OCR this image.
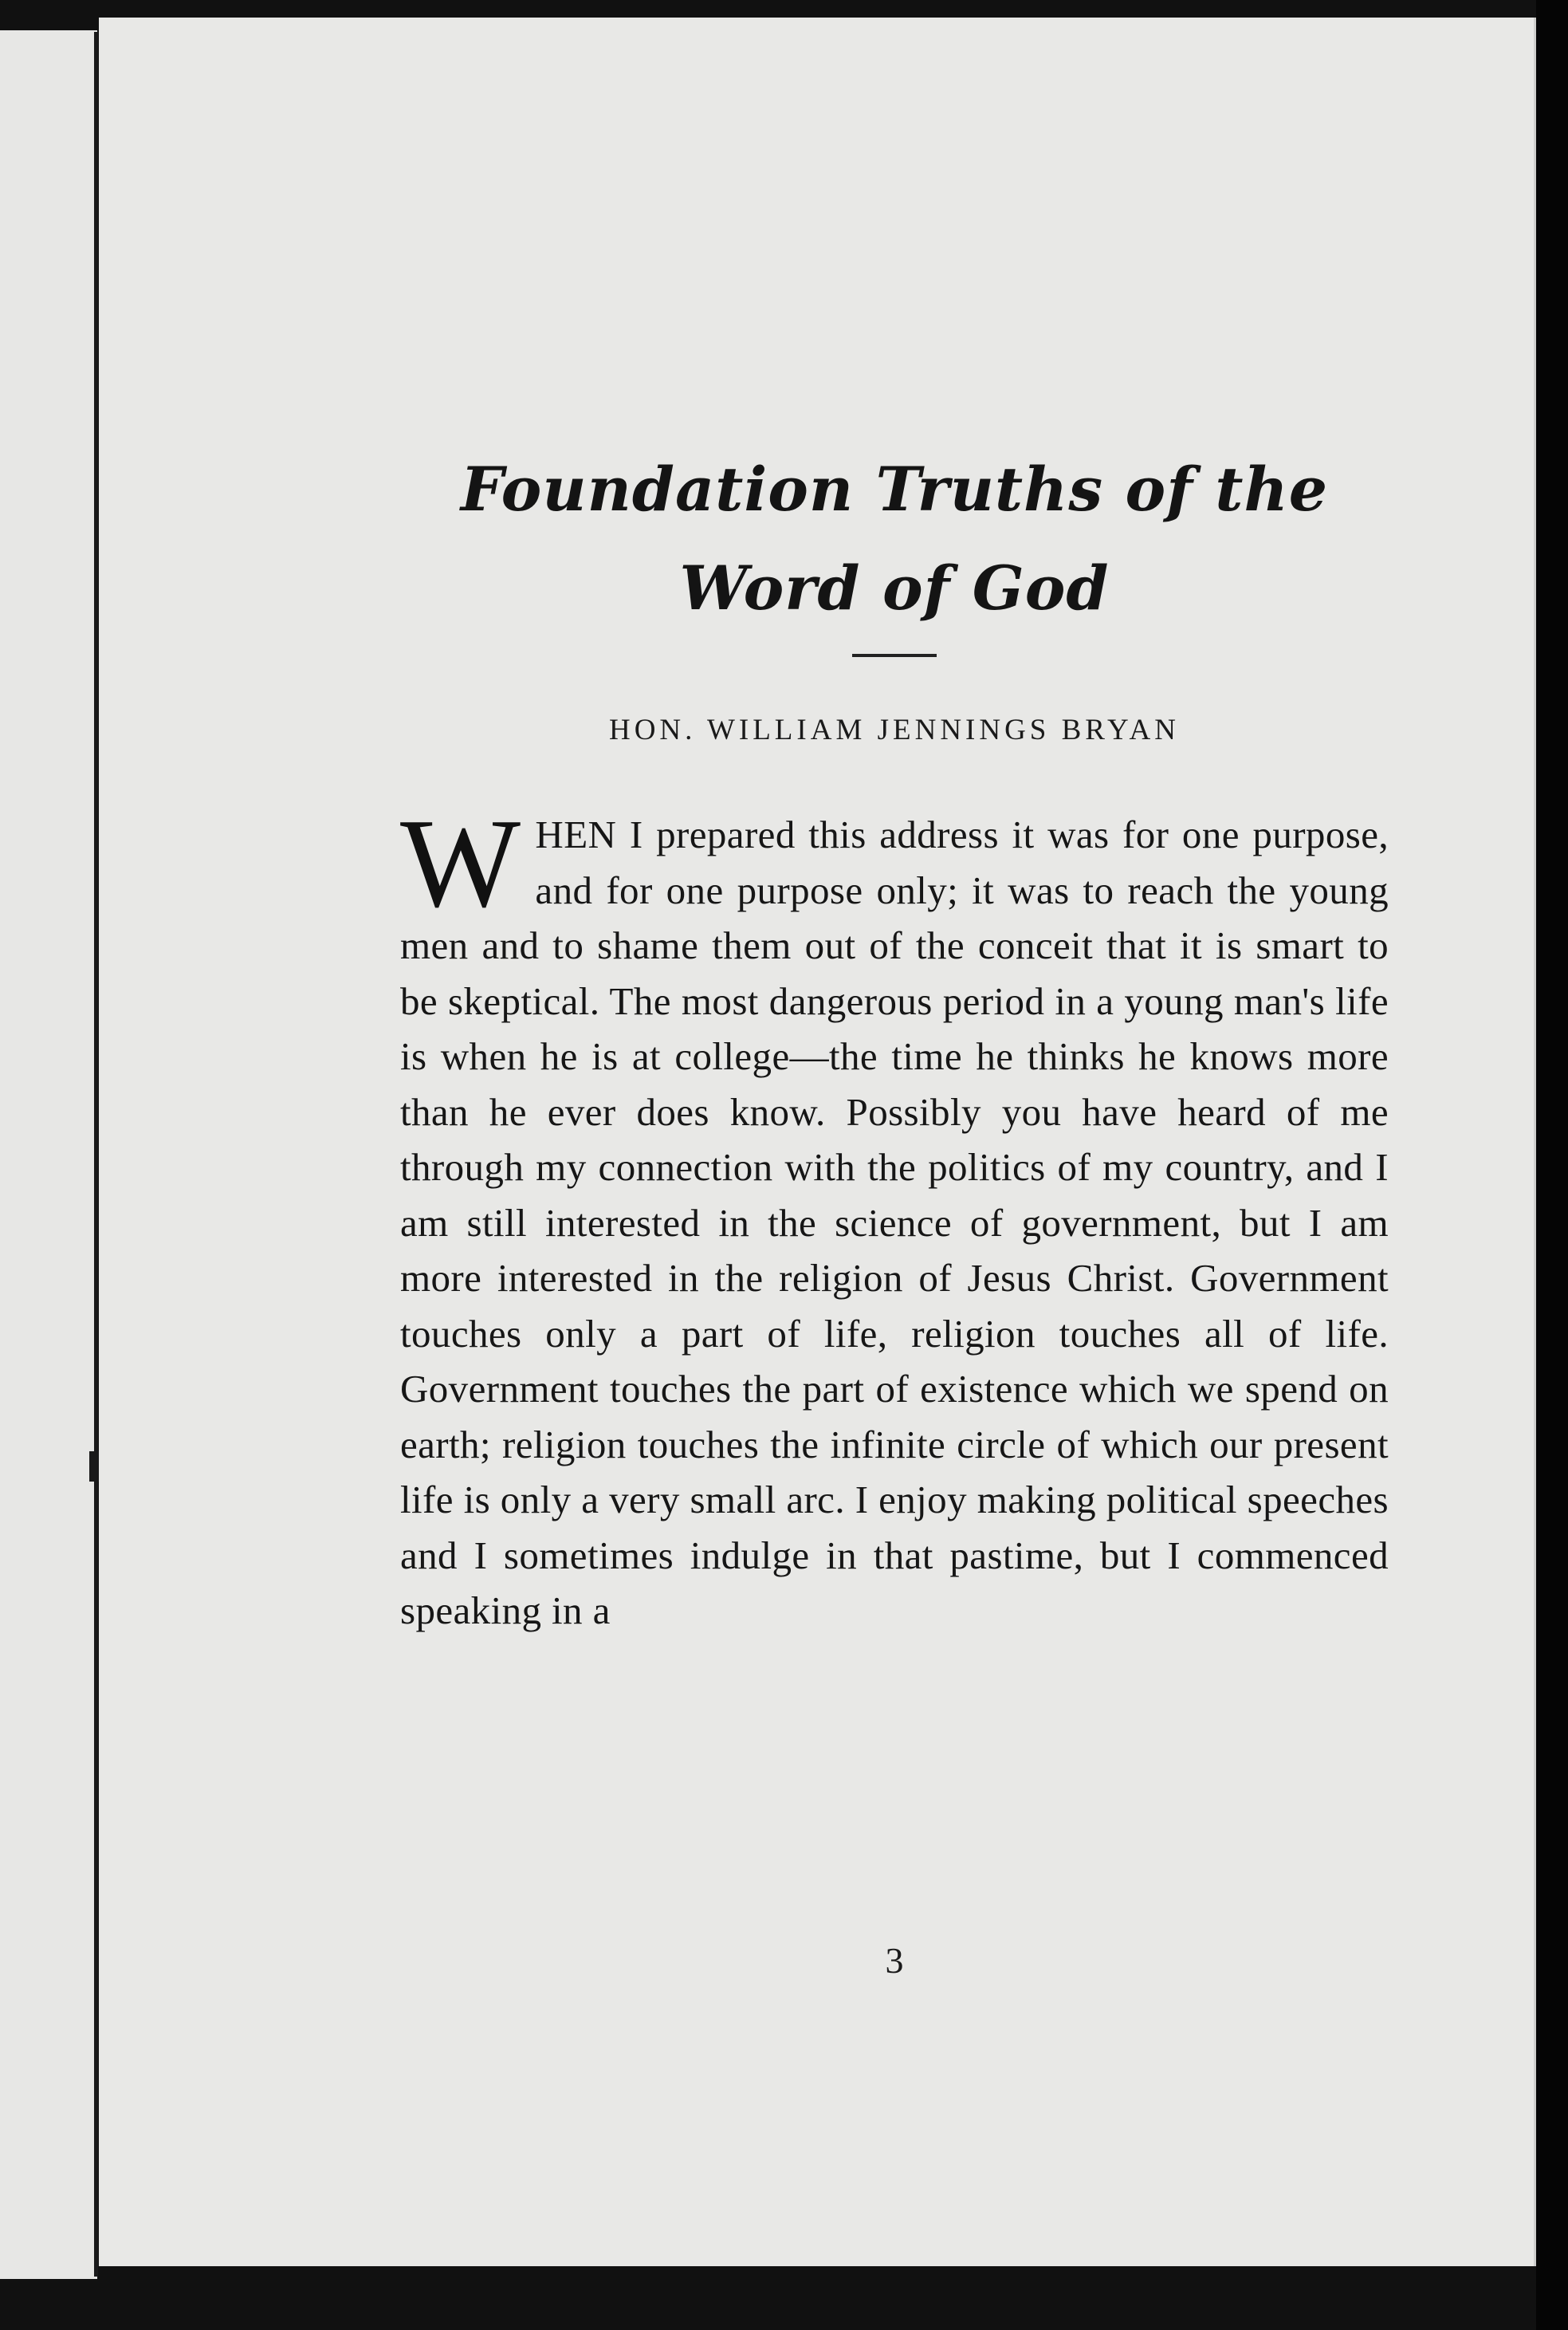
Foundation Truths of the
Word of God
HON. WILLIAM JENNINGS BRYAN
WHEN I prepared this address it was for one purpose, and for one purpose only; it was to reach the young men and to shame them out of the conceit that it is smart to be skeptical. The most dangerous period in a young man's life is when he is at college—the time he thinks he knows more than he ever does know. Possibly you have heard of me through my connection with the politics of my country, and I am still interested in the science of government, but I am more interested in the religion of Jesus Christ. Government touches only a part of life, religion touches all of life. Government touches the part of existence which we spend on earth; religion touches the infinite circle of which our present life is only a very small arc. I enjoy making political speeches and I sometimes indulge in that pastime, but I commenced speaking in a
3
